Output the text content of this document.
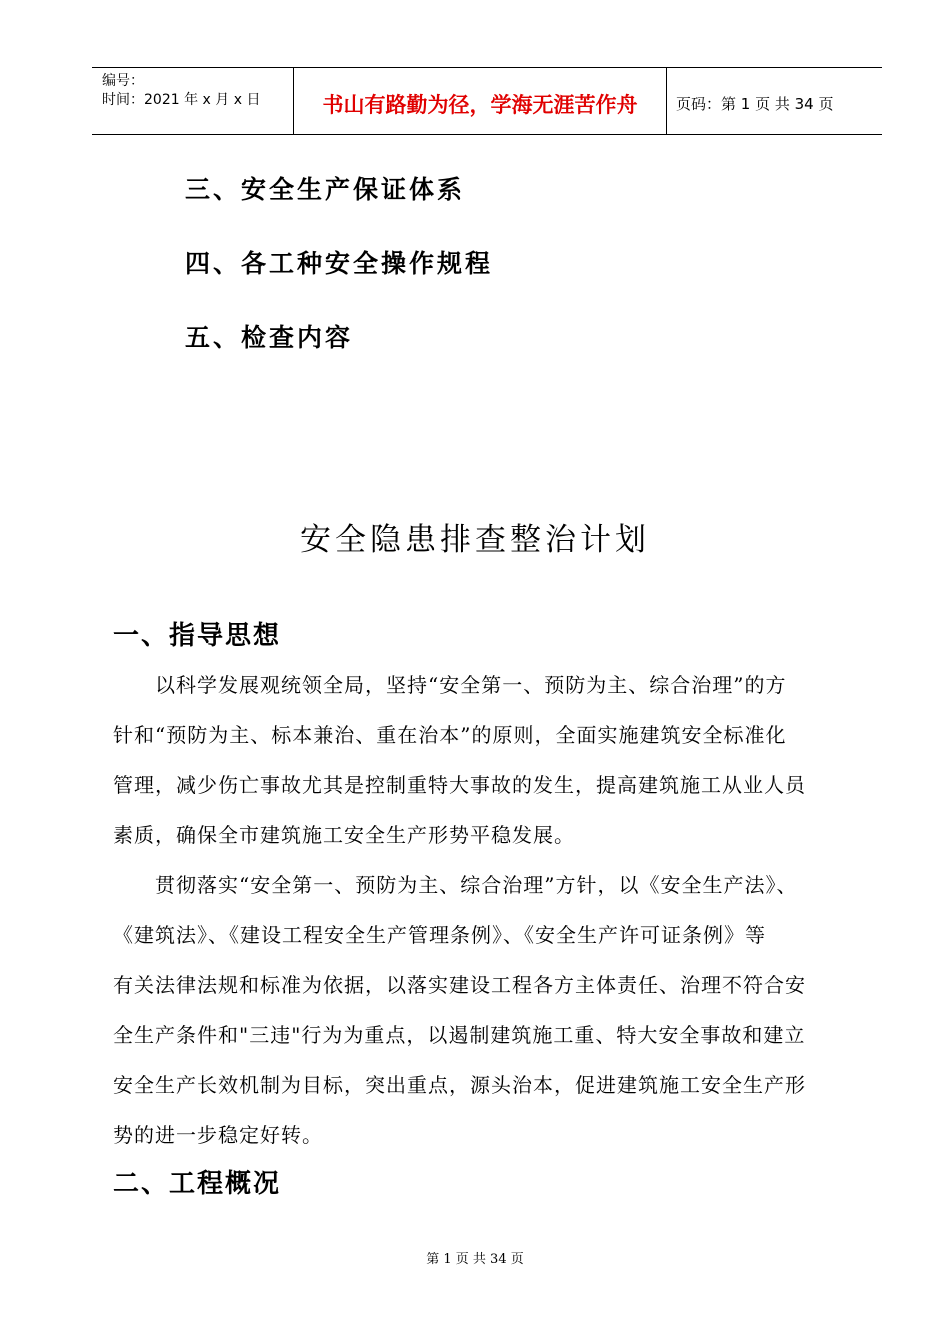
编号：
时间：2021 年 x 月 x 日	书山有路勤为径，学海无涯苦作舟	页码：第 1 页 共 34 页
三、安全生产保证体系
四、各工种安全操作规程
五、检查内容
安全隐患排查整治计划
一、指导思想
　　以科学发展观统领全局，坚持“安全第一、预防为主、综合治理”的方
针和“预防为主、标本兼治、重在治本”的原则，全面实施建筑安全标准化
管理，减少伤亡事故尤其是控制重特大事故的发生，提高建筑施工从业人员
素质，确保全市建筑施工安全生产形势平稳发展。
　　贯彻落实“安全第一、预防为主、综合治理”方针，以《安全生产法》、
《建筑法》、《建设工程安全生产管理条例》、《安全生产许可证条例》等
有关法律法规和标准为依据，以落实建设工程各方主体责任、治理不符合安
全生产条件和"三违"行为为重点，以遏制建筑施工重、特大安全事故和建立
安全生产长效机制为目标，突出重点，源头治本，促进建筑施工安全生产形
势的进一步稳定好转。
二、工程概况
第 1 页 共 34 页
